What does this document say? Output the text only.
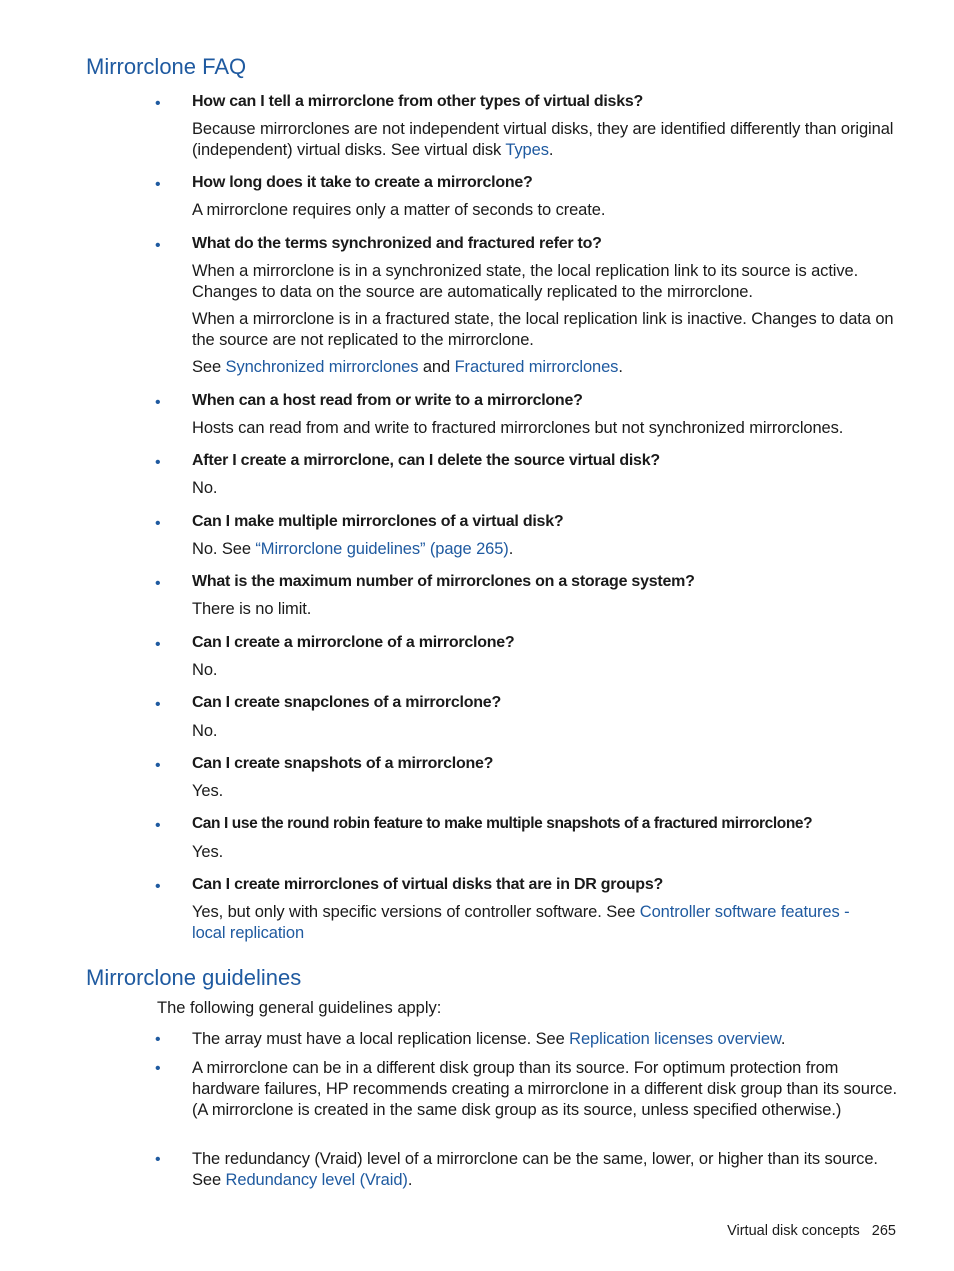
Mirrorclone FAQ
• How can I tell a mirrorclone from other types of virtual disks?
Because mirrorclones are not independent virtual disks, they are identified differently than original (independent) virtual disks. See virtual disk Types.
• How long does it take to create a mirrorclone?
A mirrorclone requires only a matter of seconds to create.
• What do the terms synchronized and fractured refer to?
When a mirrorclone is in a synchronized state, the local replication link to its source is active. Changes to data on the source are automatically replicated to the mirrorclone.
When a mirrorclone is in a fractured state, the local replication link is inactive. Changes to data on the source are not replicated to the mirrorclone.
See Synchronized mirrorclones and Fractured mirrorclones.
• When can a host read from or write to a mirrorclone?
Hosts can read from and write to fractured mirrorclones but not synchronized mirrorclones.
• After I create a mirrorclone, can I delete the source virtual disk?
No.
• Can I make multiple mirrorclones of a virtual disk?
No. See “Mirrorclone guidelines” (page 265).
• What is the maximum number of mirrorclones on a storage system?
There is no limit.
• Can I create a mirrorclone of a mirrorclone?
No.
• Can I create snapclones of a mirrorclone?
No.
• Can I create snapshots of a mirrorclone?
Yes.
• Can I use the round robin feature to make multiple snapshots of a fractured mirrorclone?
Yes.
• Can I create mirrorclones of virtual disks that are in DR groups?
Yes, but only with specific versions of controller software. See Controller software features - local replication
Mirrorclone guidelines
The following general guidelines apply:
• The array must have a local replication license. See Replication licenses overview.
• A mirrorclone can be in a different disk group than its source. For optimum protection from hardware failures, HP recommends creating a mirrorclone in a different disk group than its source. (A mirrorclone is created in the same disk group as its source, unless specified otherwise.)
• The redundancy (Vraid) level of a mirrorclone can be the same, lower, or higher than its source. See Redundancy level (Vraid).
Virtual disk concepts 265
